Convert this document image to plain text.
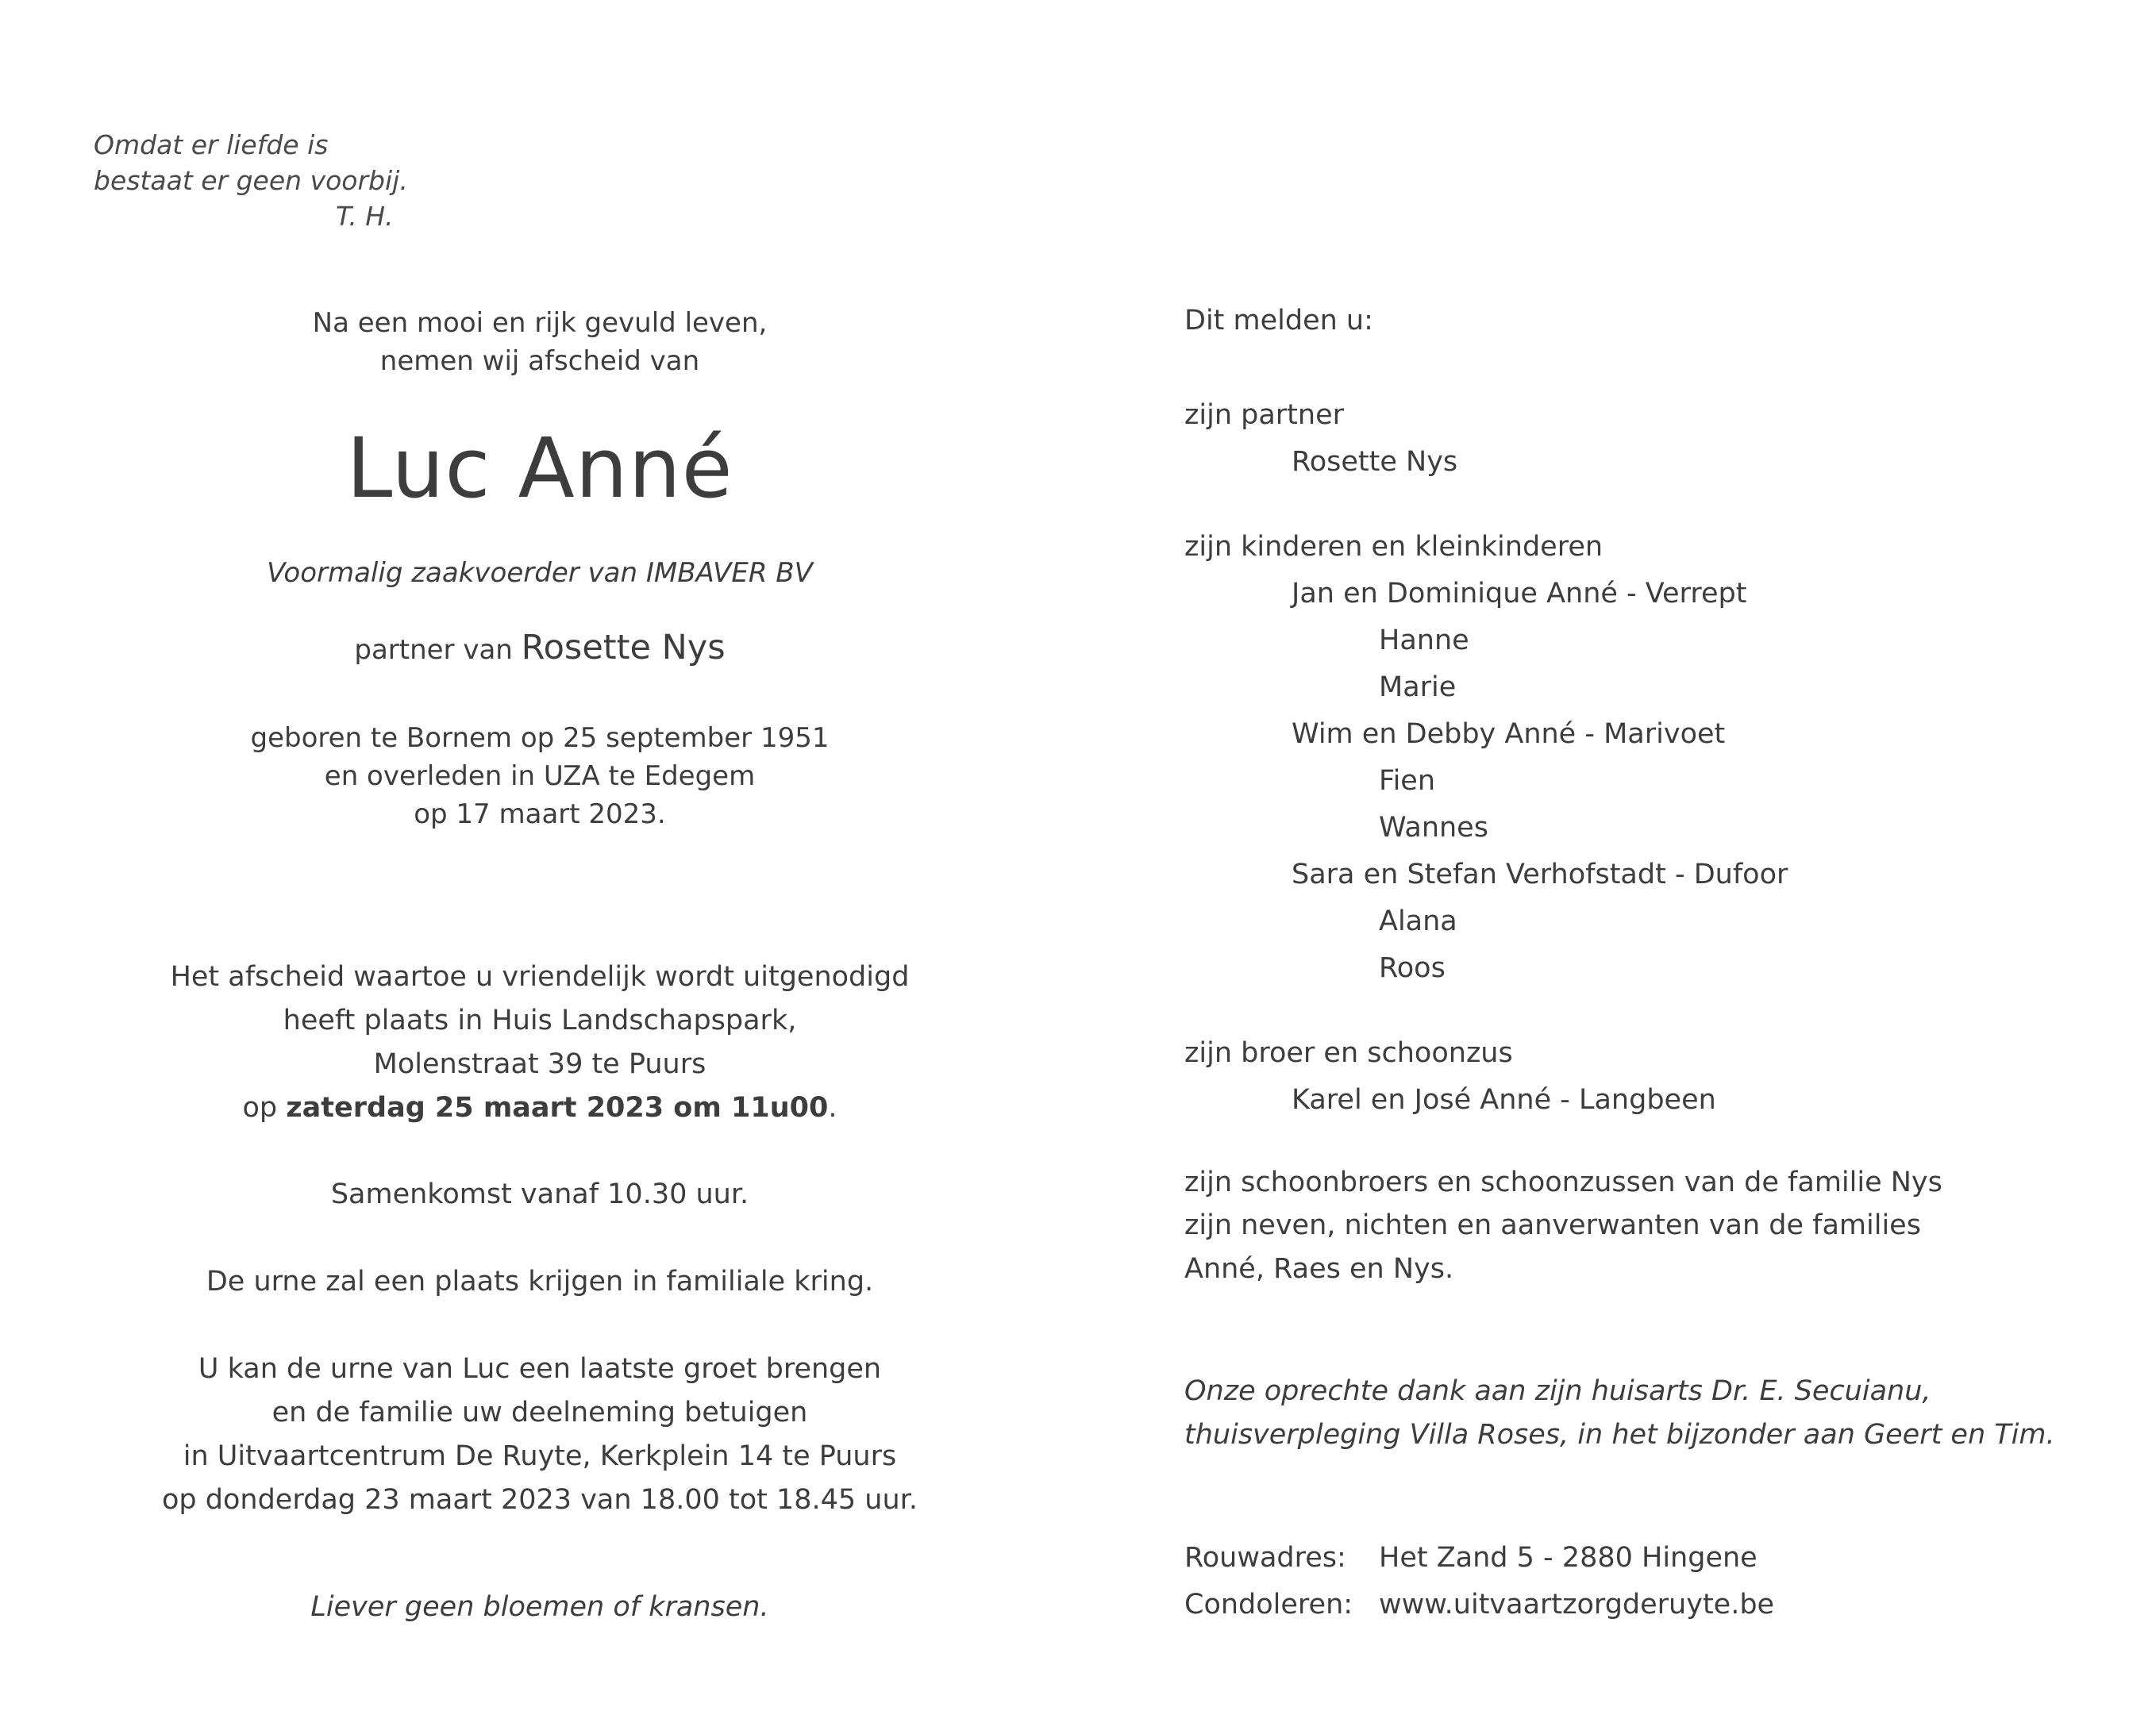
Omdat er liefde is
bestaat er geen voorbij.
T. H.
Na een mooi en rijk gevuld leven,
nemen wij afscheid van
Luc Anné
Voormalig zaakvoerder van IMBAVER BV
partner van Rosette Nys
geboren te Bornem op 25 september 1951
en overleden in UZA te Edegem
op 17 maart 2023.
Het afscheid waartoe u vriendelijk wordt uitgenodigd
heeft plaats in Huis Landschapspark,
Molenstraat 39 te Puurs
op zaterdag 25 maart 2023 om 11u00.
Samenkomst vanaf 10.30 uur.
De urne zal een plaats krijgen in familiale kring.
U kan de urne van Luc een laatste groet brengen
en de familie uw deelneming betuigen
in Uitvaartcentrum De Ruyte, Kerkplein 14 te Puurs
op donderdag 23 maart 2023 van 18.00 tot 18.45 uur.
Liever geen bloemen of kransen.
Dit melden u:
zijn partner
Rosette Nys
zijn kinderen en kleinkinderen
Jan en Dominique Anné - Verrept
Hanne
Marie
Wim en Debby Anné - Marivoet
Fien
Wannes
Sara en Stefan Verhofstadt - Dufoor
Alana
Roos
zijn broer en schoonzus
Karel en José Anné - Langbeen
zijn schoonbroers en schoonzussen van de familie Nys
zijn neven, nichten en aanverwanten van de families
Anné, Raes en Nys.
Onze oprechte dank aan zijn huisarts Dr. E. Secuianu,
thuisverpleging Villa Roses, in het bijzonder aan Geert en Tim.
Rouwadres: Het Zand 5 - 2880 Hingene
Condoleren: www.uitvaartzorgderuyte.be
